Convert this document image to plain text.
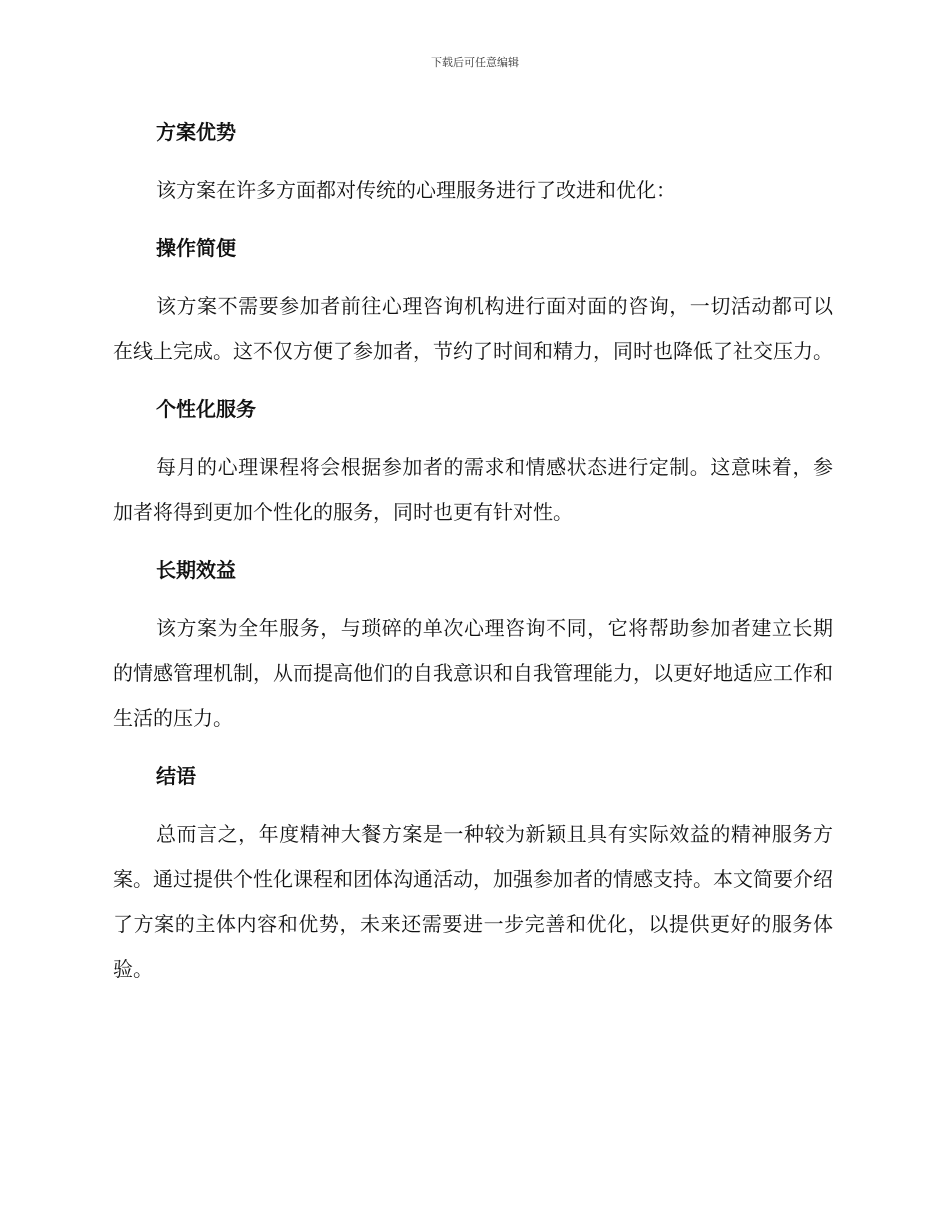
下载后可任意编辑
方案优势

该方案在许多方面都对传统的心理服务进行了改进和优化：

操作简便

该方案不需要参加者前往心理咨询机构进行面对面的咨询，一切活动都可以在线上完成。这不仅方便了参加者，节约了时间和精力，同时也降低了社交压力。

个性化服务

每月的心理课程将会根据参加者的需求和情感状态进行定制。这意味着，参加者将得到更加个性化的服务，同时也更有针对性。

长期效益

该方案为全年服务，与琐碎的单次心理咨询不同，它将帮助参加者建立长期的情感管理机制，从而提高他们的自我意识和自我管理能力，以更好地适应工作和生活的压力。

结语

总而言之，年度精神大餐方案是一种较为新颖且具有实际效益的精神服务方案。通过提供个性化课程和团体沟通活动，加强参加者的情感支持。本文简要介绍了方案的主体内容和优势，未来还需要进一步完善和优化，以提供更好的服务体验。
